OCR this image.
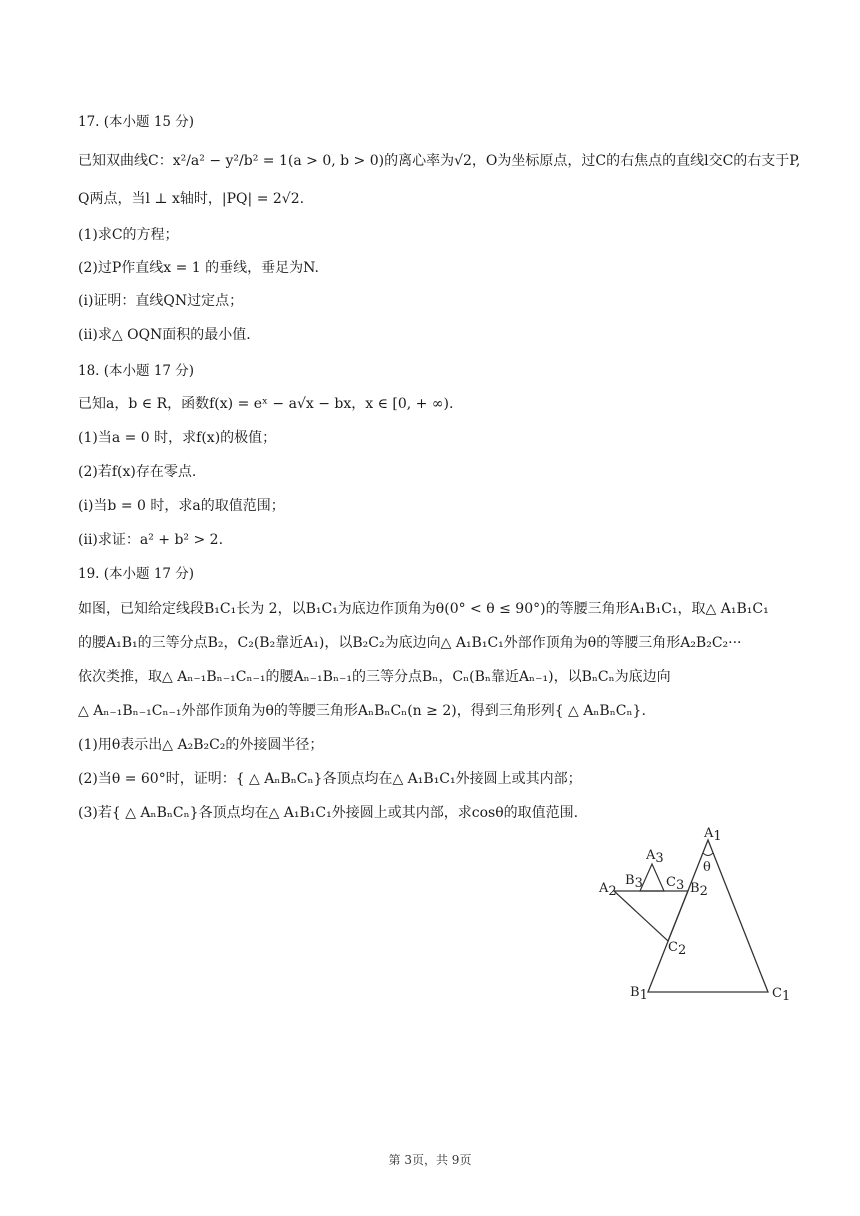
17. (本小题 15 分)
已知双曲线C：x²/a² − y²/b² = 1(a > 0, b > 0)的离心率为√2，O为坐标原点，过C的右焦点的直线l交C的右支于P,
Q两点，当l ⊥ x轴时，|PQ| = 2√2.
(1)求C的方程；
(2)过P作直线x = 1 的垂线，垂足为N.
(i)证明：直线QN过定点；
(ii)求△ OQN面积的最小值.
18. (本小题 17 分)
已知a，b ∈ R，函数f(x) = eˣ − a√x − bx，x ∈ [0, + ∞).
(1)当a = 0 时，求f(x)的极值；
(2)若f(x)存在零点.
(i)当b = 0 时，求a的取值范围；
(ii)求证：a² + b² > 2.
19. (本小题 17 分)
如图，已知给定线段B₁C₁长为 2，以B₁C₁为底边作顶角为θ(0° < θ ≤ 90°)的等腰三角形A₁B₁C₁，取△ A₁B₁C₁
的腰A₁B₁的三等分点B₂，C₂(B₂靠近A₁)，以B₂C₂为底边向△ A₁B₁C₁外部作顶角为θ的等腰三角形A₂B₂C₂···
依次类推，取△ Aₙ₋₁Bₙ₋₁Cₙ₋₁的腰Aₙ₋₁Bₙ₋₁的三等分点Bₙ，Cₙ(Bₙ靠近Aₙ₋₁)，以BₙCₙ为底边向
△ Aₙ₋₁Bₙ₋₁Cₙ₋₁外部作顶角为θ的等腰三角形AₙBₙCₙ(n ≥ 2)，得到三角形列{ △ AₙBₙCₙ}.
(1)用θ表示出△ A₂B₂C₂的外接圆半径；
(2)当θ = 60°时，证明：{ △ AₙBₙCₙ}各顶点均在△ A₁B₁C₁外接圆上或其内部；
(3)若{ △ AₙBₙCₙ}各顶点均在△ A₁B₁C₁外接圆上或其内部，求cosθ的取值范围.
A1
θ
A3
B3 C3
A2	B2
C2
B1	C1
第 3页，共 9页
